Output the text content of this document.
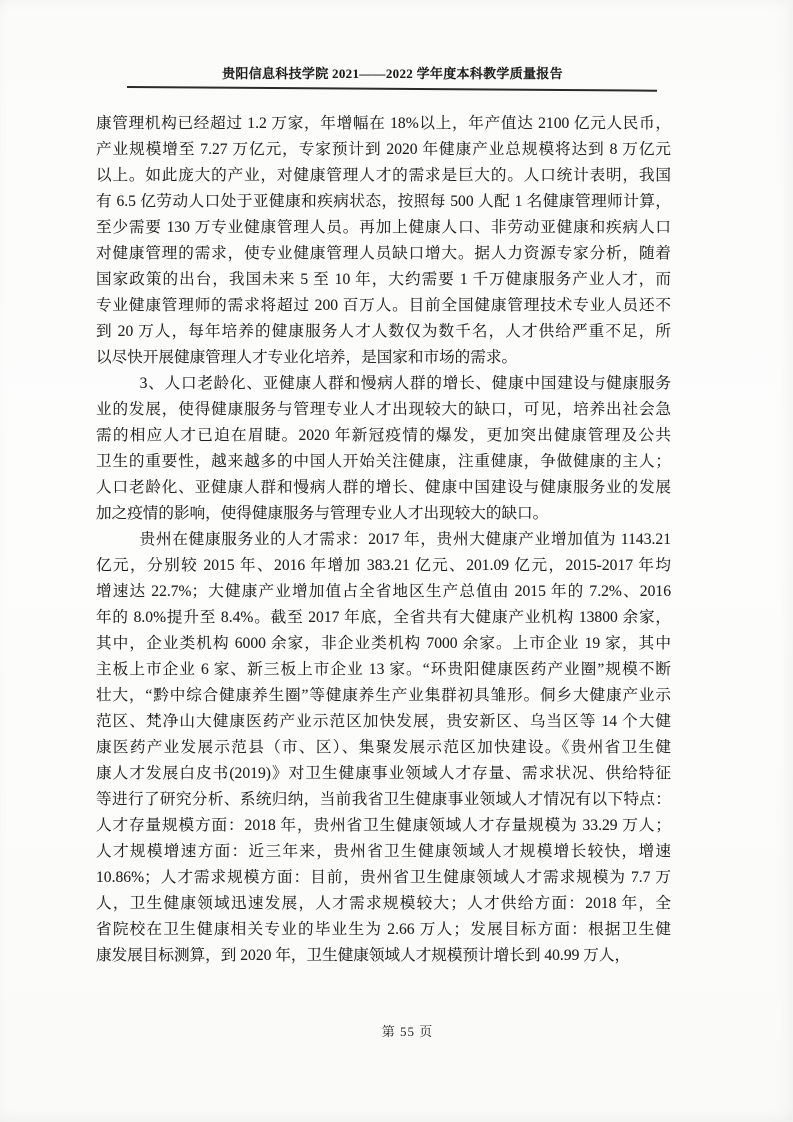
贵阳信息科技学院 2021——2022 学年度本科教学质量报告
康管理机构已经超过 1.2 万家，年增幅在 18%以上，年产值达 2100 亿元人民币，
产业规模增至 7.27 万亿元，专家预计到 2020 年健康产业总规模将达到 8 万亿元
以上。如此庞大的产业，对健康管理人才的需求是巨大的。人口统计表明，我国
有 6.5 亿劳动人口处于亚健康和疾病状态，按照每 500 人配 1 名健康管理师计算，
至少需要 130 万专业健康管理人员。再加上健康人口、非劳动亚健康和疾病人口
对健康管理的需求，使专业健康管理人员缺口增大。据人力资源专家分析，随着
国家政策的出台，我国未来 5 至 10 年，大约需要 1 千万健康服务产业人才，而
专业健康管理师的需求将超过 200 百万人。目前全国健康管理技术专业人员还不
到 20 万人，每年培养的健康服务人才人数仅为数千名，人才供给严重不足，所
以尽快开展健康管理人才专业化培养，是国家和市场的需求。
3、人口老龄化、亚健康人群和慢病人群的增长、健康中国建设与健康服务
业的发展，使得健康服务与管理专业人才出现较大的缺口，可见，培养出社会急
需的相应人才已迫在眉睫。2020 年新冠疫情的爆发，更加突出健康管理及公共
卫生的重要性，越来越多的中国人开始关注健康，注重健康，争做健康的主人；
人口老龄化、亚健康人群和慢病人群的增长、健康中国建设与健康服务业的发展
加之疫情的影响，使得健康服务与管理专业人才出现较大的缺口。
贵州在健康服务业的人才需求：2017 年，贵州大健康产业增加值为 1143.21
亿元，分别较 2015 年、2016 年增加 383.21 亿元、201.09 亿元，2015-2017 年均
增速达 22.7%；大健康产业增加值占全省地区生产总值由 2015 年的 7.2%、2016
年的 8.0%提升至 8.4%。截至 2017 年底，全省共有大健康产业机构 13800 余家，
其中，企业类机构 6000 余家，非企业类机构 7000 余家。上市企业 19 家，其中
主板上市企业 6 家、新三板上市企业 13 家。“环贵阳健康医药产业圈”规模不断
壮大，“黔中综合健康养生圈”等健康养生产业集群初具雏形。侗乡大健康产业示
范区、梵净山大健康医药产业示范区加快发展，贵安新区、乌当区等 14 个大健
康医药产业发展示范县（市、区）、集聚发展示范区加快建设。《贵州省卫生健
康人才发展白皮书(2019)》对卫生健康事业领域人才存量、需求状况、供给特征
等进行了研究分析、系统归纳，当前我省卫生健康事业领域人才情况有以下特点：
人才存量规模方面：2018 年，贵州省卫生健康领域人才存量规模为 33.29 万人；
人才规模增速方面：近三年来，贵州省卫生健康领域人才规模增长较快，增速
10.86%；人才需求规模方面：目前，贵州省卫生健康领域人才需求规模为 7.7 万
人，卫生健康领域迅速发展，人才需求规模较大；人才供给方面：2018 年，全
省院校在卫生健康相关专业的毕业生为 2.66 万人；发展目标方面：根据卫生健
康发展目标测算，到 2020 年，卫生健康领域人才规模预计增长到 40.99 万人，
第 55 页
